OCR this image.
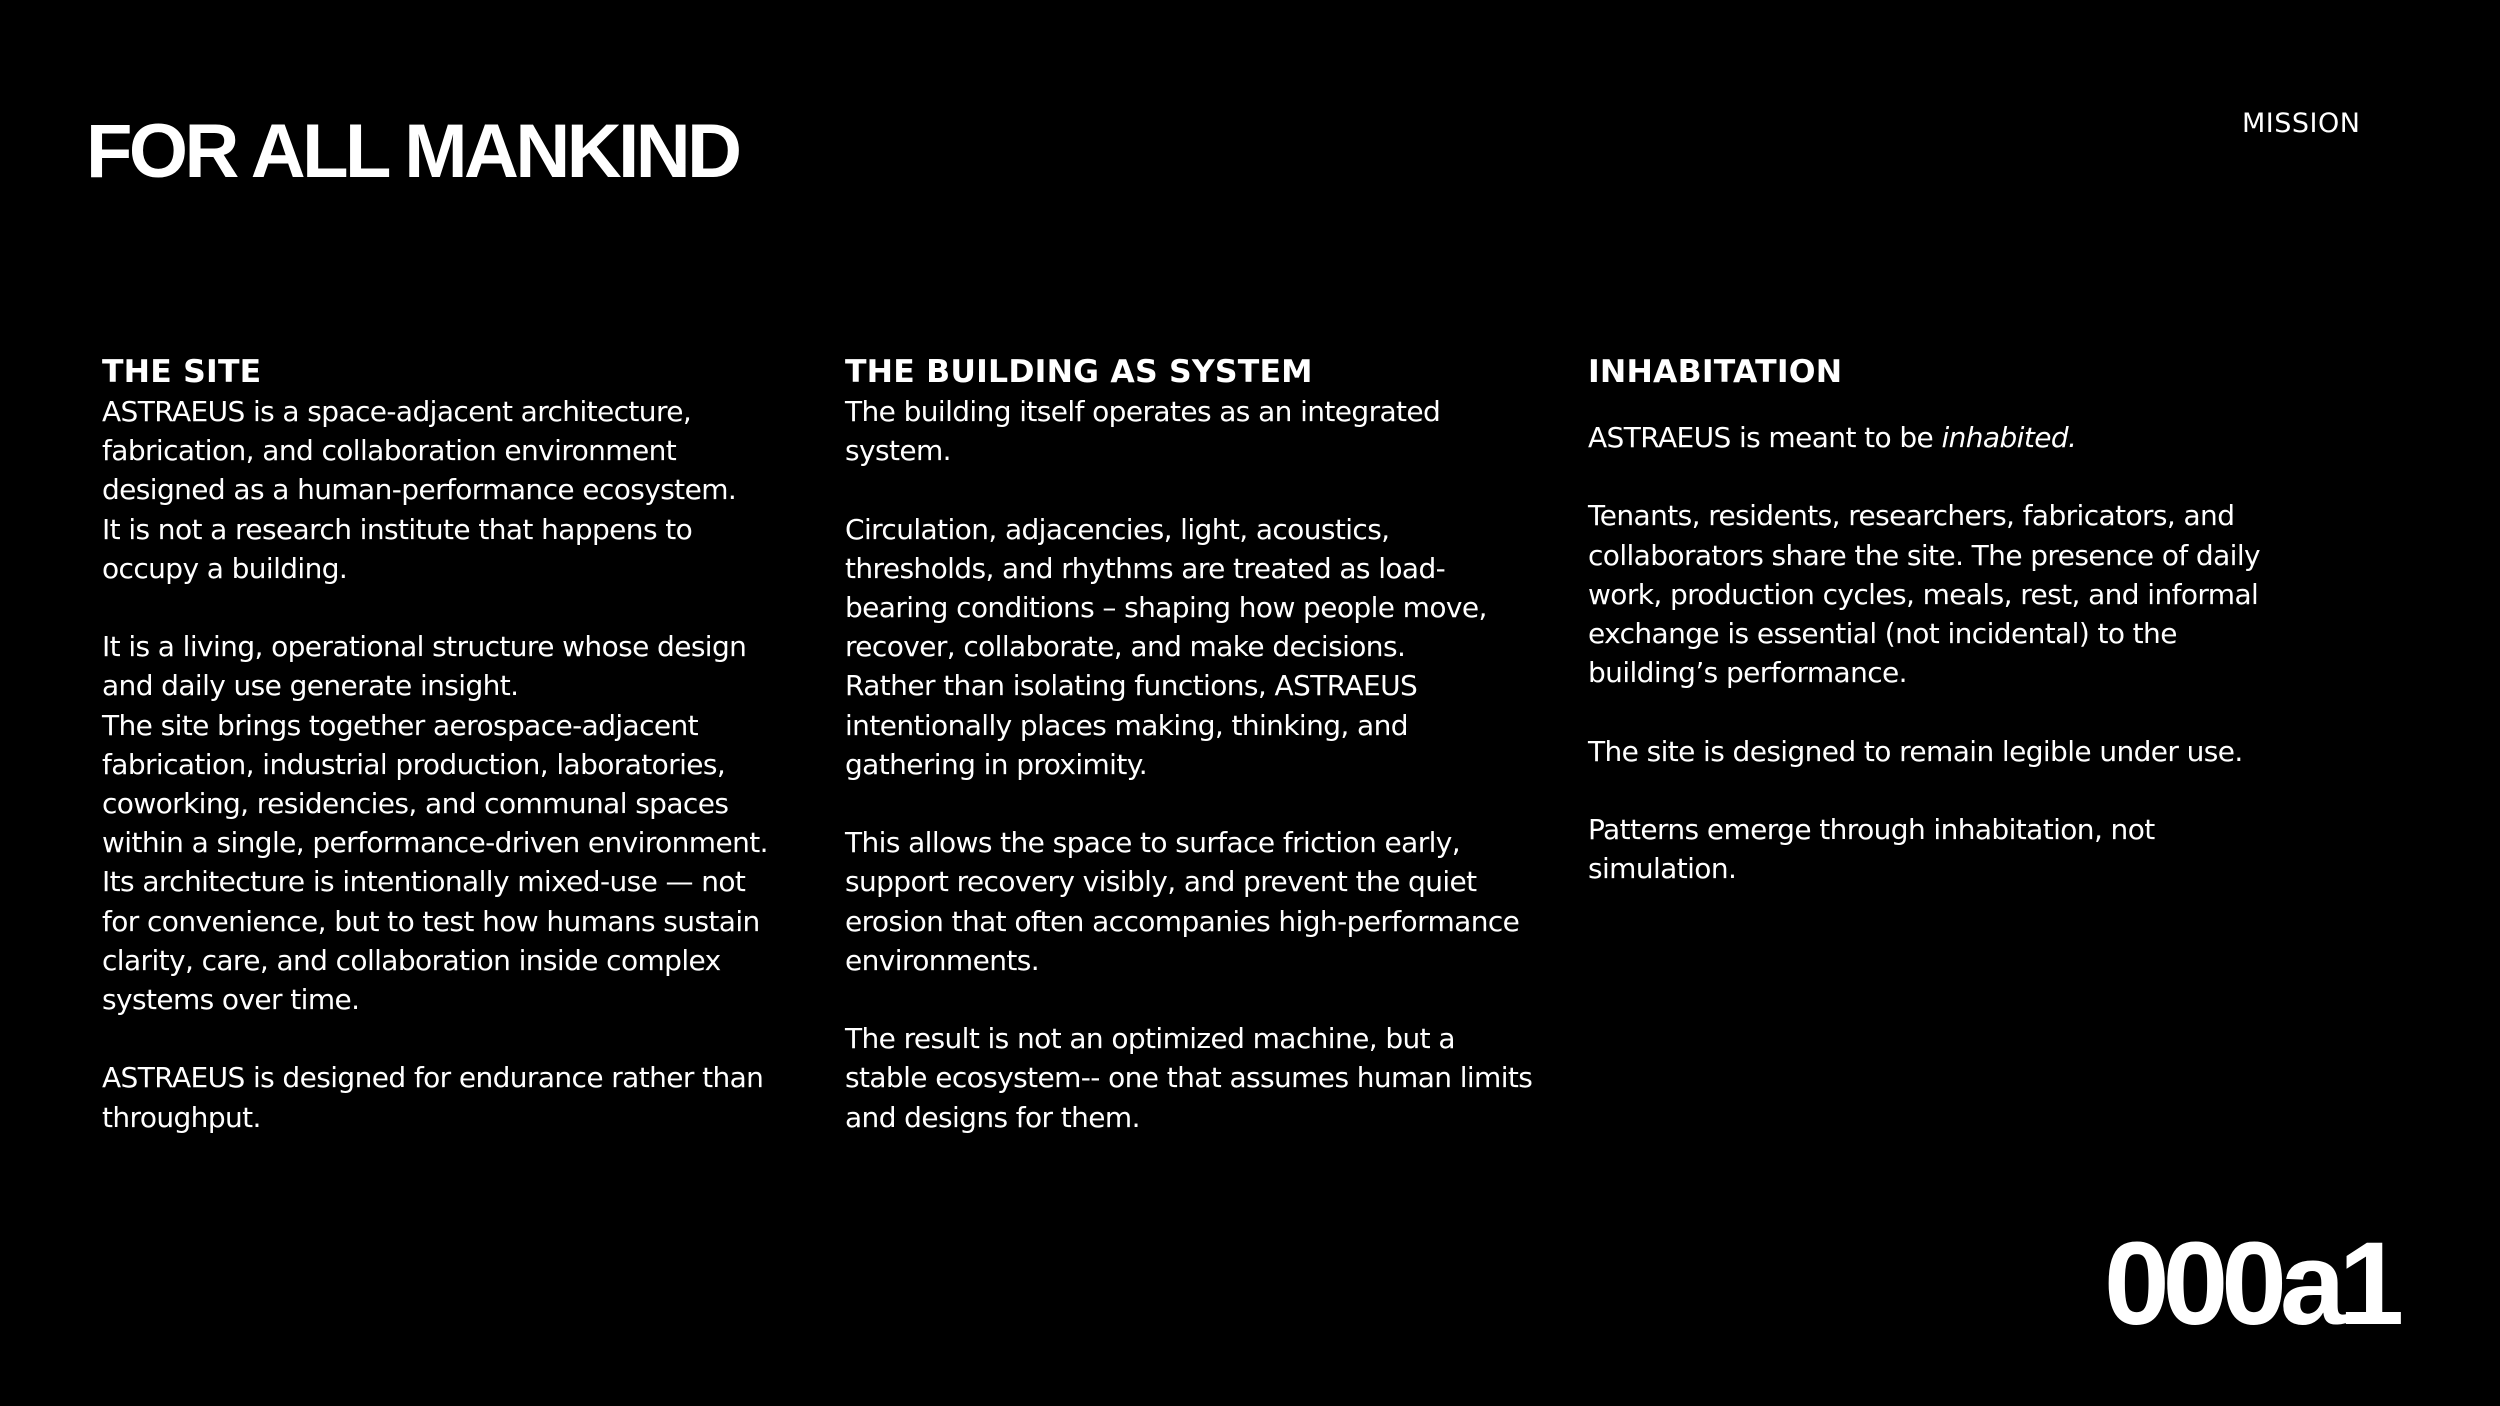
FOR ALL MANKIND	MISSION
THE SITE

ASTRAEUS is a space-adjacent architecture,

fabrication, and collaboration environment

designed as a human-performance ecosystem.

It is not a research institute that happens to

occupy a building.

It is a living, operational structure whose design

and daily use generate insight.

The site brings together aerospace-adjacent

fabrication, industrial production, laboratories,

coworking, residencies, and communal spaces

within a single, performance-driven environment.

Its architecture is intentionally mixed-use — not

for convenience, but to test how humans sustain

clarity, care, and collaboration inside complex

systems over time.

ASTRAEUS is designed for endurance rather than

throughput.

THE BUILDING AS SYSTEM

The building itself operates as an integrated

system.

Circulation, adjacencies, light, acoustics,

thresholds, and rhythms are treated as load-

bearing conditions – shaping how people move,

recover, collaborate, and make decisions.

Rather than isolating functions, ASTRAEUS

intentionally places making, thinking, and

gathering in proximity.

This allows the space to surface friction early,

support recovery visibly, and prevent the quiet

erosion that often accompanies high-performance

environments.

The result is not an optimized machine, but a

stable ecosystem-- one that assumes human limits

and designs for them.

INHABITATION

ASTRAEUS is meant to be inhabited.

Tenants, residents, researchers, fabricators, and

collaborators share the site. The presence of daily

work, production cycles, meals, rest, and informal

exchange is essential (not incidental) to the

building’s performance.

The site is designed to remain legible under use.

Patterns emerge through inhabitation, not

simulation.

000a1
